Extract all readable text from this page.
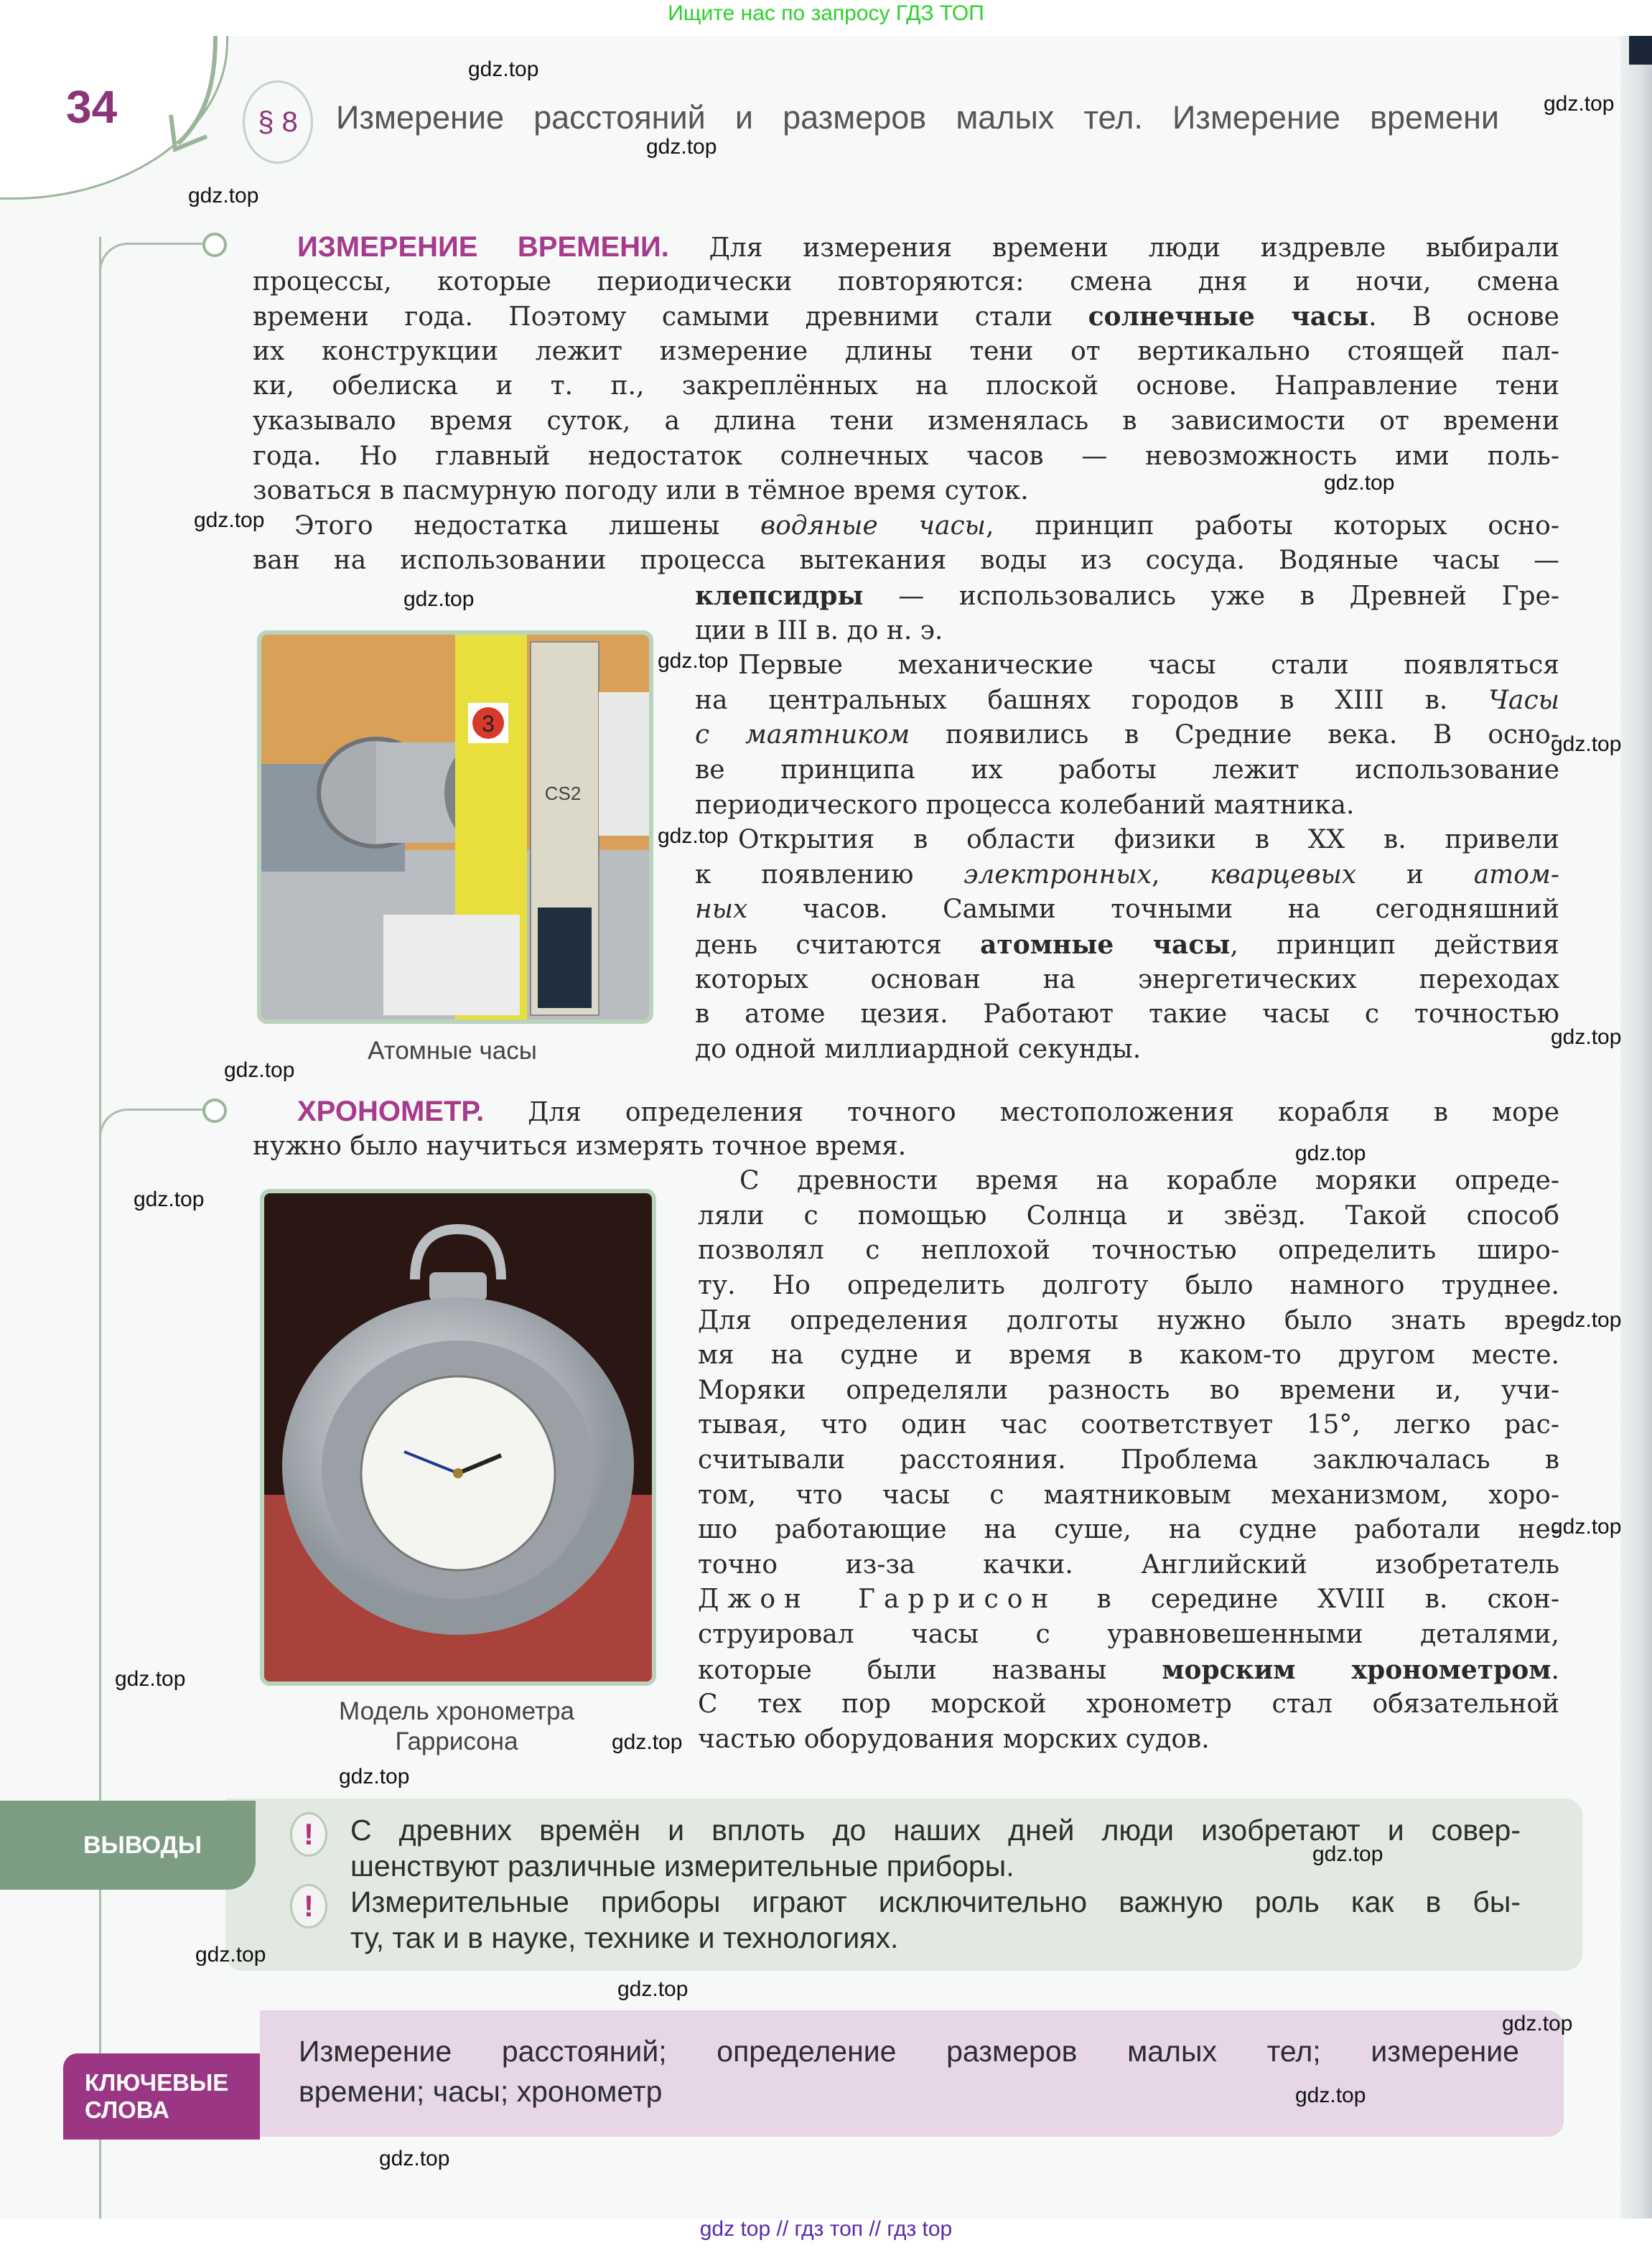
Ищите нас по запросу ГДЗ ТОП
34	§ 8	Измерение расстояний и размеров малых тел. Измерение времени
ИЗМЕРЕНИЕ ВРЕМЕНИ. Для измерения времени люди издревле выбирали
процессы, которые периодически повторяются: смена дня и ночи, смена
времени года. Поэтому самыми древними стали солнечные часы. В основе
их конструкции лежит измерение длины тени от вертикально стоящей пал-
ки, обелиска и т. п., закреплённых на плоской основе. Направление тени
указывало время суток, а длина тени изменялась в зависимости от времени
года. Но главный недостаток солнечных часов — невозможность ими поль-
зоваться в пасмурную погоду или в тёмное время суток.
Этого недостатка лишены водяные часы, принцип работы которых осно-
ван на использовании процесса вытекания воды из сосуда. Водяные часы —
клепсидры — использовались уже в Древней Гре-
ции в III в. до н. э.
Первые механические часы стали появляться
на центральных башнях городов в XIII в. Часы
с маятником появились в Средние века. В осно-
ве принципа их работы лежит использование
периодического процесса колебаний маятника.
Открытия в области физики в XX в. привели
к появлению электронных, кварцевых и атом-
ных часов. Самыми точными на сегодняшний
день считаются атомные часы, принцип действия
которых основан на энергетических переходах
в атоме цезия. Работают такие часы с точностью
до одной миллиардной секунды.
ХРОНОМЕТР. Для определения точного местоположения корабля в море
нужно было научиться измерять точное время.
С древности время на корабле моряки опреде-
ляли с помощью Солнца и звёзд. Такой способ
позволял с неплохой точностью определить широ-
ту. Но определить долготу было намного труднее.
Для определения долготы нужно было знать вре-
мя на судне и время в каком-то другом месте.
Моряки определяли разность во времени и, учи-
тывая, что один час соответствует 15°, легко рас-
считывали расстояния. Проблема заключалась в
том, что часы с маятниковым механизмом, хоро-
шо работающие на суше, на судне работали не-
точно из-за качки. Английский изобретатель
Джон Гаррисон в середине XVIII в. скон-
струировал часы с уравновешенными деталями,
которые были названы морским хронометром.
С тех пор морской хронометр стал обязательной
частью оборудования морских судов.
3
CS2
Атомные часы
Модель хронометра
Гаррисона
ВЫВОДЫ	!
!
С древних времён и вплоть до наших дней люди изобретают и совер-
шенствуют различные измерительные приборы.
Измерительные приборы играют исключительно важную роль как в бы-
ту, так и в науке, технике и технологиях.
КЛЮЧЕВЫЕ
СЛОВА
Измерение расстояний; определение размеров малых тел; измерение
времени; часы; хронометр
gdz top // гдз топ // гдз top
gdz.top
gdz.top
gdz.top
gdz.top
gdz.top
gdz.top
gdz.top
gdz.top
gdz.top
gdz.top
gdz.top
gdz.top
gdz.top
gdz.top
gdz.top
gdz.top
gdz.top
gdz.top
gdz.top
gdz.top
gdz.top
gdz.top
gdz.top
gdz.top
gdz.top
